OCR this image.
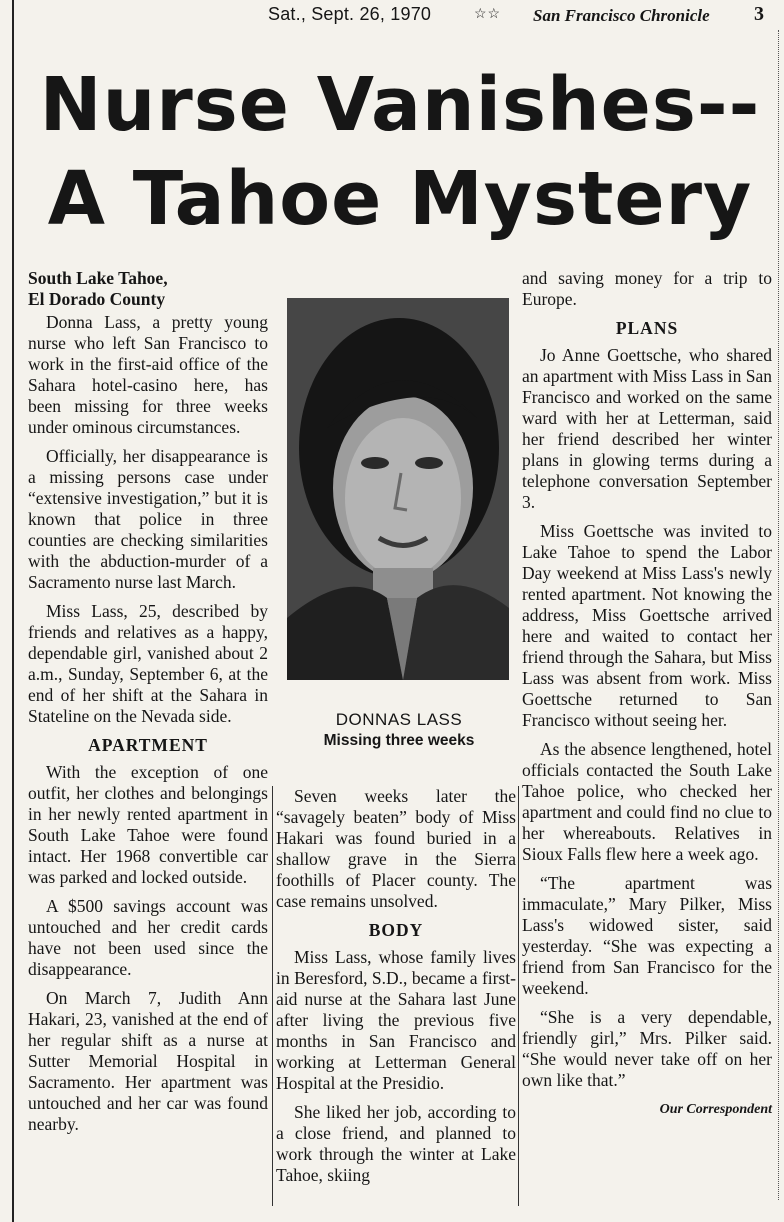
Sat., Sept. 26, 1970	☆☆ San Francisco Chronicle 3
Nurse Vanishes--
A Tahoe Mystery
South Lake Tahoe,
El Dorado County

Donna Lass, a pretty young nurse who left San Francisco to work in the first-aid office of the Sahara hotel-casino here, has been missing for three weeks under ominous circumstances.

Officially, her disappearance is a missing persons case under “extensive investigation,” but it is known that police in three counties are checking similarities with the abduction-murder of a Sacramento nurse last March.

Miss Lass, 25, described by friends and relatives as a happy, dependable girl, vanished about 2 a.m., Sunday, September 6, at the end of her shift at the Sahara in Stateline on the Nevada side.

APARTMENT

With the exception of one outfit, her clothes and belongings in her newly rented apartment in South Lake Tahoe were found intact. Her 1968 convertible car was parked and locked outside.

A $500 savings account was untouched and her credit cards have not been used since the disappearance.

On March 7, Judith Ann Hakari, 23, vanished at the end of her regular shift as a nurse at Sutter Memorial Hospital in Sacramento. Her apartment was untouched and her car was found nearby.

DONNAS LASS
Missing three weeks

Seven weeks later the “savagely beaten” body of Miss Hakari was found buried in a shallow grave in the Sierra foothills of Placer county. The case remains unsolved.

BODY

Miss Lass, whose family lives in Beresford, S.D., became a first-aid nurse at the Sahara last June after living the previous five months in San Francisco and working at Letterman General Hospital at the Presidio.

She liked her job, according to a close friend, and planned to work through the winter at Lake Tahoe, skiing

and saving money for a trip to Europe.

PLANS

Jo Anne Goettsche, who shared an apartment with Miss Lass in San Francisco and worked on the same ward with her at Letterman, said her friend described her winter plans in glowing terms during a telephone conversation September 3.

Miss Goettsche was invited to Lake Tahoe to spend the Labor Day weekend at Miss Lass's newly rented apartment. Not knowing the address, Miss Goettsche arrived here and waited to contact her friend through the Sahara, but Miss Lass was absent from work. Miss Goettsche returned to San Francisco without seeing her.

As the absence lengthened, hotel officials contacted the South Lake Tahoe police, who checked her apartment and could find no clue to her whereabouts. Relatives in Sioux Falls flew here a week ago.

“The apartment was immaculate,” Mary Pilker, Miss Lass's widowed sister, said yesterday. “She was expecting a friend from San Francisco for the weekend.

“She is a very dependable, friendly girl,” Mrs. Pilker said. “She would never take off on her own like that.”

Our Correspondent
